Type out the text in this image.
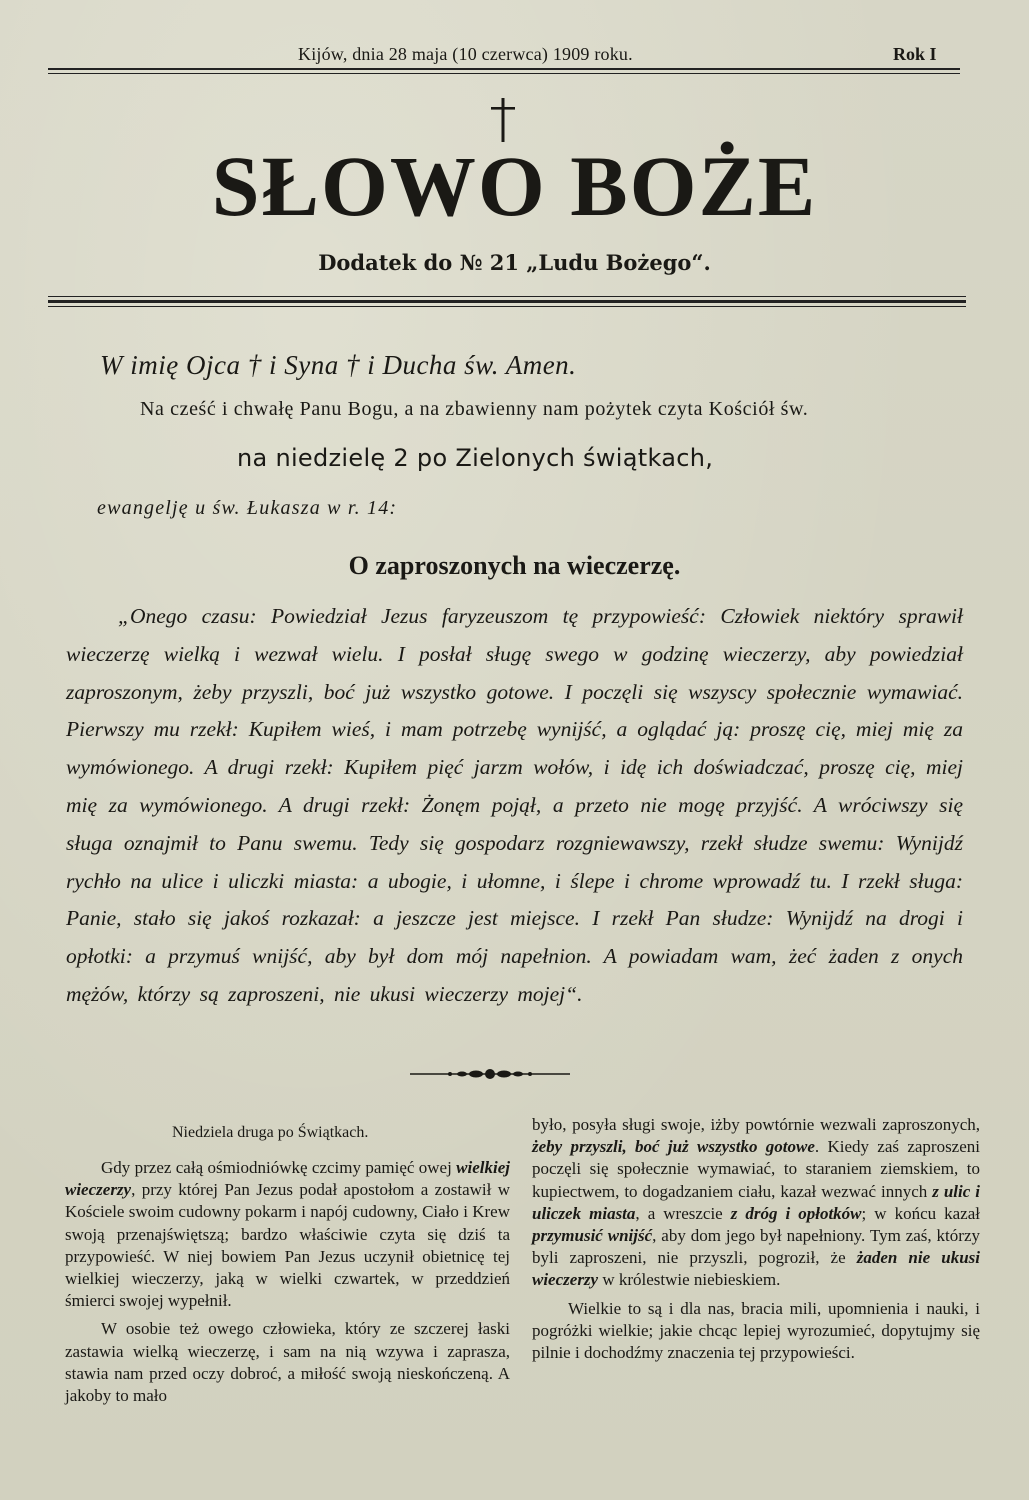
Kijów, dnia 28 maja (10 czerwca) 1909 roku.	Rok I
SŁOWO BOŻE
Dodatek do № 21 „Ludu Bożego“.
W imię Ojca † i Syna † i Ducha św. Amen.
Na cześć i chwałę Panu Bogu, a na zbawienny nam pożytek czyta Kościół św.
na niedzielę 2 po Zielonych świątkach,
ewangelję u św. Łukasza w r. 14:
O zaproszonych na wieczerzę.
„Onego czasu: Powiedział Jezus faryzeuszom tę przypowieść: Człowiek niektóry sprawił wieczerzę wielką i wezwał wielu. I posłał sługę swego w godzinę wieczerzy, aby powiedział zaproszonym, żeby przyszli, boć już wszystko gotowe. I poczęli się wszyscy społecznie wymawiać. Pierwszy mu rzekł: Kupiłem wieś, i mam potrzebę wynijść, a oglądać ją: proszę cię, miej mię za wymówionego. A drugi rzekł: Kupiłem pięć jarzm wołów, i idę ich doświadczać, proszę cię, miej mię za wymówionego. A drugi rzekł: Żonęm pojął, a przeto nie mogę przyjść. A wróciwszy się sługa oznajmił to Panu swemu. Tedy się gospodarz rozgniewawszy, rzekł słudze swemu: Wynijdź rychło na ulice i uliczki miasta: a ubogie, i ułomne, i ślepe i chrome wprowadź tu. I rzekł sługa: Panie, stało się jakoś rozkazał: a jeszcze jest miejsce. I rzekł Pan słudze: Wynijdź na drogi i opłotki: a przymuś wnijść, aby był dom mój napełnion. A powiadam wam, żeć żaden z onych mężów, którzy są zaproszeni, nie ukusi wieczerzy mojej“.
Niedziela druga po Świątkach.

Gdy przez całą ośmiodniówkę czcimy pamięć owej wielkiej wieczerzy, przy której Pan Jezus podał apostołom a zostawił w Kościele swoim cudowny pokarm i napój cudowny, Ciało i Krew swoją przenajświętszą; bardzo właściwie czyta się dziś ta przypowieść. W niej bowiem Pan Jezus uczynił obietnicę tej wielkiej wieczerzy, jaką w wielki czwartek, w przeddzień śmierci swojej wypełnił.

W osobie też owego człowieka, który ze szczerej łaski zastawia wielką wieczerzę, i sam na nią wzywa i zaprasza, stawia nam przed oczy dobroć, a miłość swoją nieskończeną. A jakoby to mało

było, posyła sługi swoje, iżby powtórnie wezwali zaproszonych, żeby przyszli, boć już wszystko gotowe. Kiedy zaś zaproszeni poczęli się społecznie wymawiać, to staraniem ziemskiem, to kupiectwem, to dogadzaniem ciału, kazał wezwać innych z ulic i uliczek miasta, a wreszcie z dróg i opłotków; w końcu kazał przymusić wnijść, aby dom jego był napełniony. Tym zaś, którzy byli zaproszeni, nie przyszli, pogroził, że żaden nie ukusi wieczerzy w królestwie niebieskiem.

Wielkie to są i dla nas, bracia mili, upomnienia i nauki, i pogróżki wielkie; jakie chcąc lepiej wyrozumieć, dopytujmy się pilnie i dochodźmy znaczenia tej przypowieści.
